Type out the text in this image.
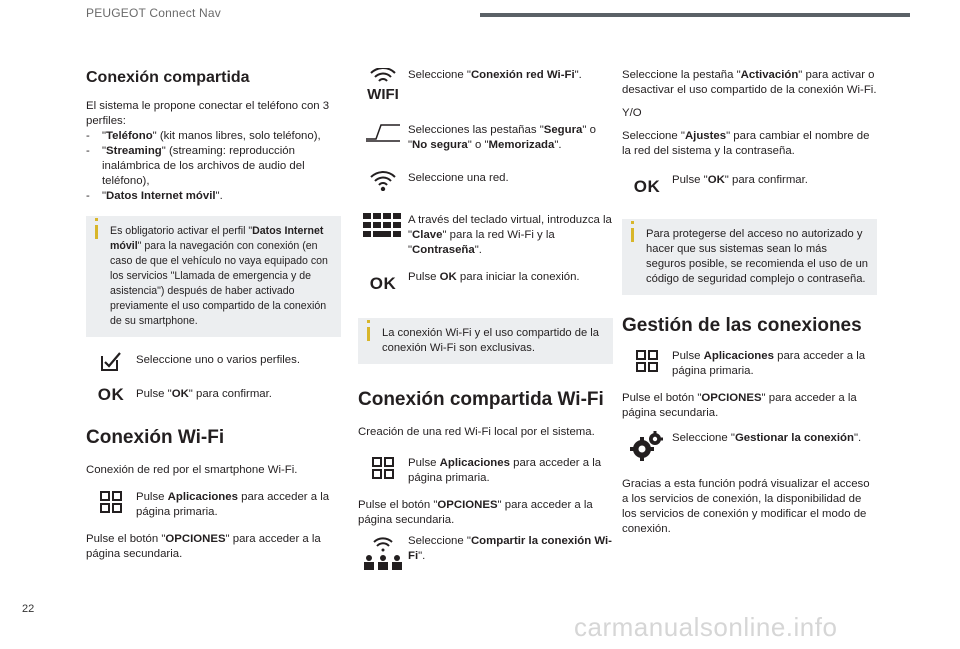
PEUGEOT Connect Nav
Conexión compartida

El sistema le propone conectar el teléfono con 3 perfiles:

- "Teléfono" (kit manos libres, solo teléfono),
- "Streaming" (streaming: reproducción inalámbrica de los archivos de audio del teléfono),
- "Datos Internet móvil".
Es obligatorio activar el perfil "Datos Internet móvil" para la navegación con conexión (en caso de que el vehículo no vaya equipado con los servicios "Llamada de emergencia y de asistencia") después de haber activado previamente el uso compartido de la conexión de su smartphone.
Seleccione uno o varios perfiles.
OK Pulse "OK" para confirmar.
Conexión Wi-Fi

Conexión de red por el smartphone Wi-Fi.

Pulse Aplicaciones para acceder a la página primaria.

Pulse el botón "OPCIONES" para acceder a la página secundaria.

WIFI
Seleccione "Conexión red Wi-Fi".
Selecciones las pestañas "Segura" o "No segura" o "Memorizada".
Seleccione una red.
A través del teclado virtual, introduzca la "Clave" para la red Wi-Fi y la "Contraseña".
OK Pulse OK para iniciar la conexión.
La conexión Wi-Fi y el uso compartido de la conexión Wi-Fi son exclusivas.
Conexión compartida Wi-Fi

Creación de una red Wi-Fi local por el sistema.

Pulse Aplicaciones para acceder a la página primaria.

Pulse el botón "OPCIONES" para acceder a la página secundaria.

Seleccione "Compartir la conexión Wi-Fi".

Seleccione la pestaña "Activación" para activar o desactivar el uso compartido de la conexión Wi-Fi.

Y/O

Seleccione "Ajustes" para cambiar el nombre de la red del sistema y la contraseña.

OK Pulse "OK" para confirmar.
Para protegerse del acceso no autorizado y hacer que sus sistemas sean lo más seguros posible, se recomienda el uso de un código de seguridad complejo o contraseña.
Gestión de las conexiones
Pulse Aplicaciones para acceder a la página primaria.

Pulse el botón "OPCIONES" para acceder a la página secundaria.

Seleccione "Gestionar la conexión".

Gracias a esta función podrá visualizar el acceso a los servicios de conexión, la disponibilidad de los servicios de conexión y modificar el modo de conexión.

22
carmanualsonline.info
